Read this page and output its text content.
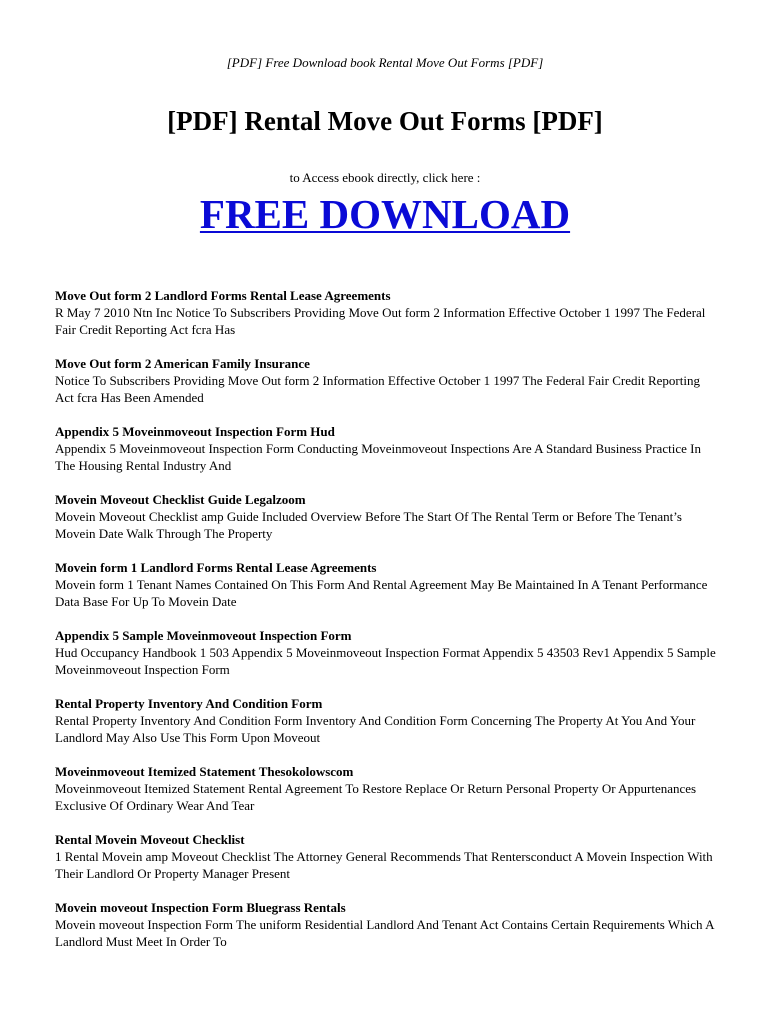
[PDF] Free Download book Rental Move Out Forms [PDF]
[PDF] Rental Move Out Forms [PDF]
to Access ebook directly, click here :
FREE DOWNLOAD

Move Out form 2 Landlord Forms Rental Lease Agreements

R May 7 2010 Ntn Inc Notice To Subscribers Providing Move Out form 2 Information Effective October 1 1997 The Federal Fair Credit Reporting Act fcra Has

Move Out form 2 American Family Insurance

Notice To Subscribers Providing Move Out form 2 Information Effective October 1 1997 The Federal Fair Credit Reporting Act fcra Has Been Amended

Appendix 5 Moveinmoveout Inspection Form Hud

Appendix 5 Moveinmoveout Inspection Form Conducting Moveinmoveout Inspections Are A Standard Business Practice In The Housing Rental Industry And

Movein Moveout Checklist Guide Legalzoom

Movein Moveout Checklist amp Guide Included Overview Before The Start Of The Rental Term or Before The Tenant’s Movein Date Walk Through The Property

Movein form 1 Landlord Forms Rental Lease Agreements

Movein form 1 Tenant Names Contained On This Form And Rental Agreement May Be Maintained In A Tenant Performance Data Base For Up To Movein Date

Appendix 5 Sample Moveinmoveout Inspection Form

Hud Occupancy Handbook 1 503 Appendix 5 Moveinmoveout Inspection Format Appendix 5 43503 Rev1 Appendix 5 Sample Moveinmoveout Inspection Form

Rental Property Inventory And Condition Form

Rental Property Inventory And Condition Form Inventory And Condition Form Concerning The Property At You And Your Landlord May Also Use This Form Upon Moveout

Moveinmoveout Itemized Statement Thesokolowscom

Moveinmoveout Itemized Statement Rental Agreement To Restore Replace Or Return Personal Property Or Appurtenances Exclusive Of Ordinary Wear And Tear

Rental Movein Moveout Checklist

1 Rental Movein amp Moveout Checklist The Attorney General Recommends That Rentersconduct A Movein Inspection With Their Landlord Or Property Manager Present

Movein moveout Inspection Form Bluegrass Rentals

Movein moveout Inspection Form The uniform Residential Landlord And Tenant Act Contains Certain Requirements Which A Landlord Must Meet In Order To
